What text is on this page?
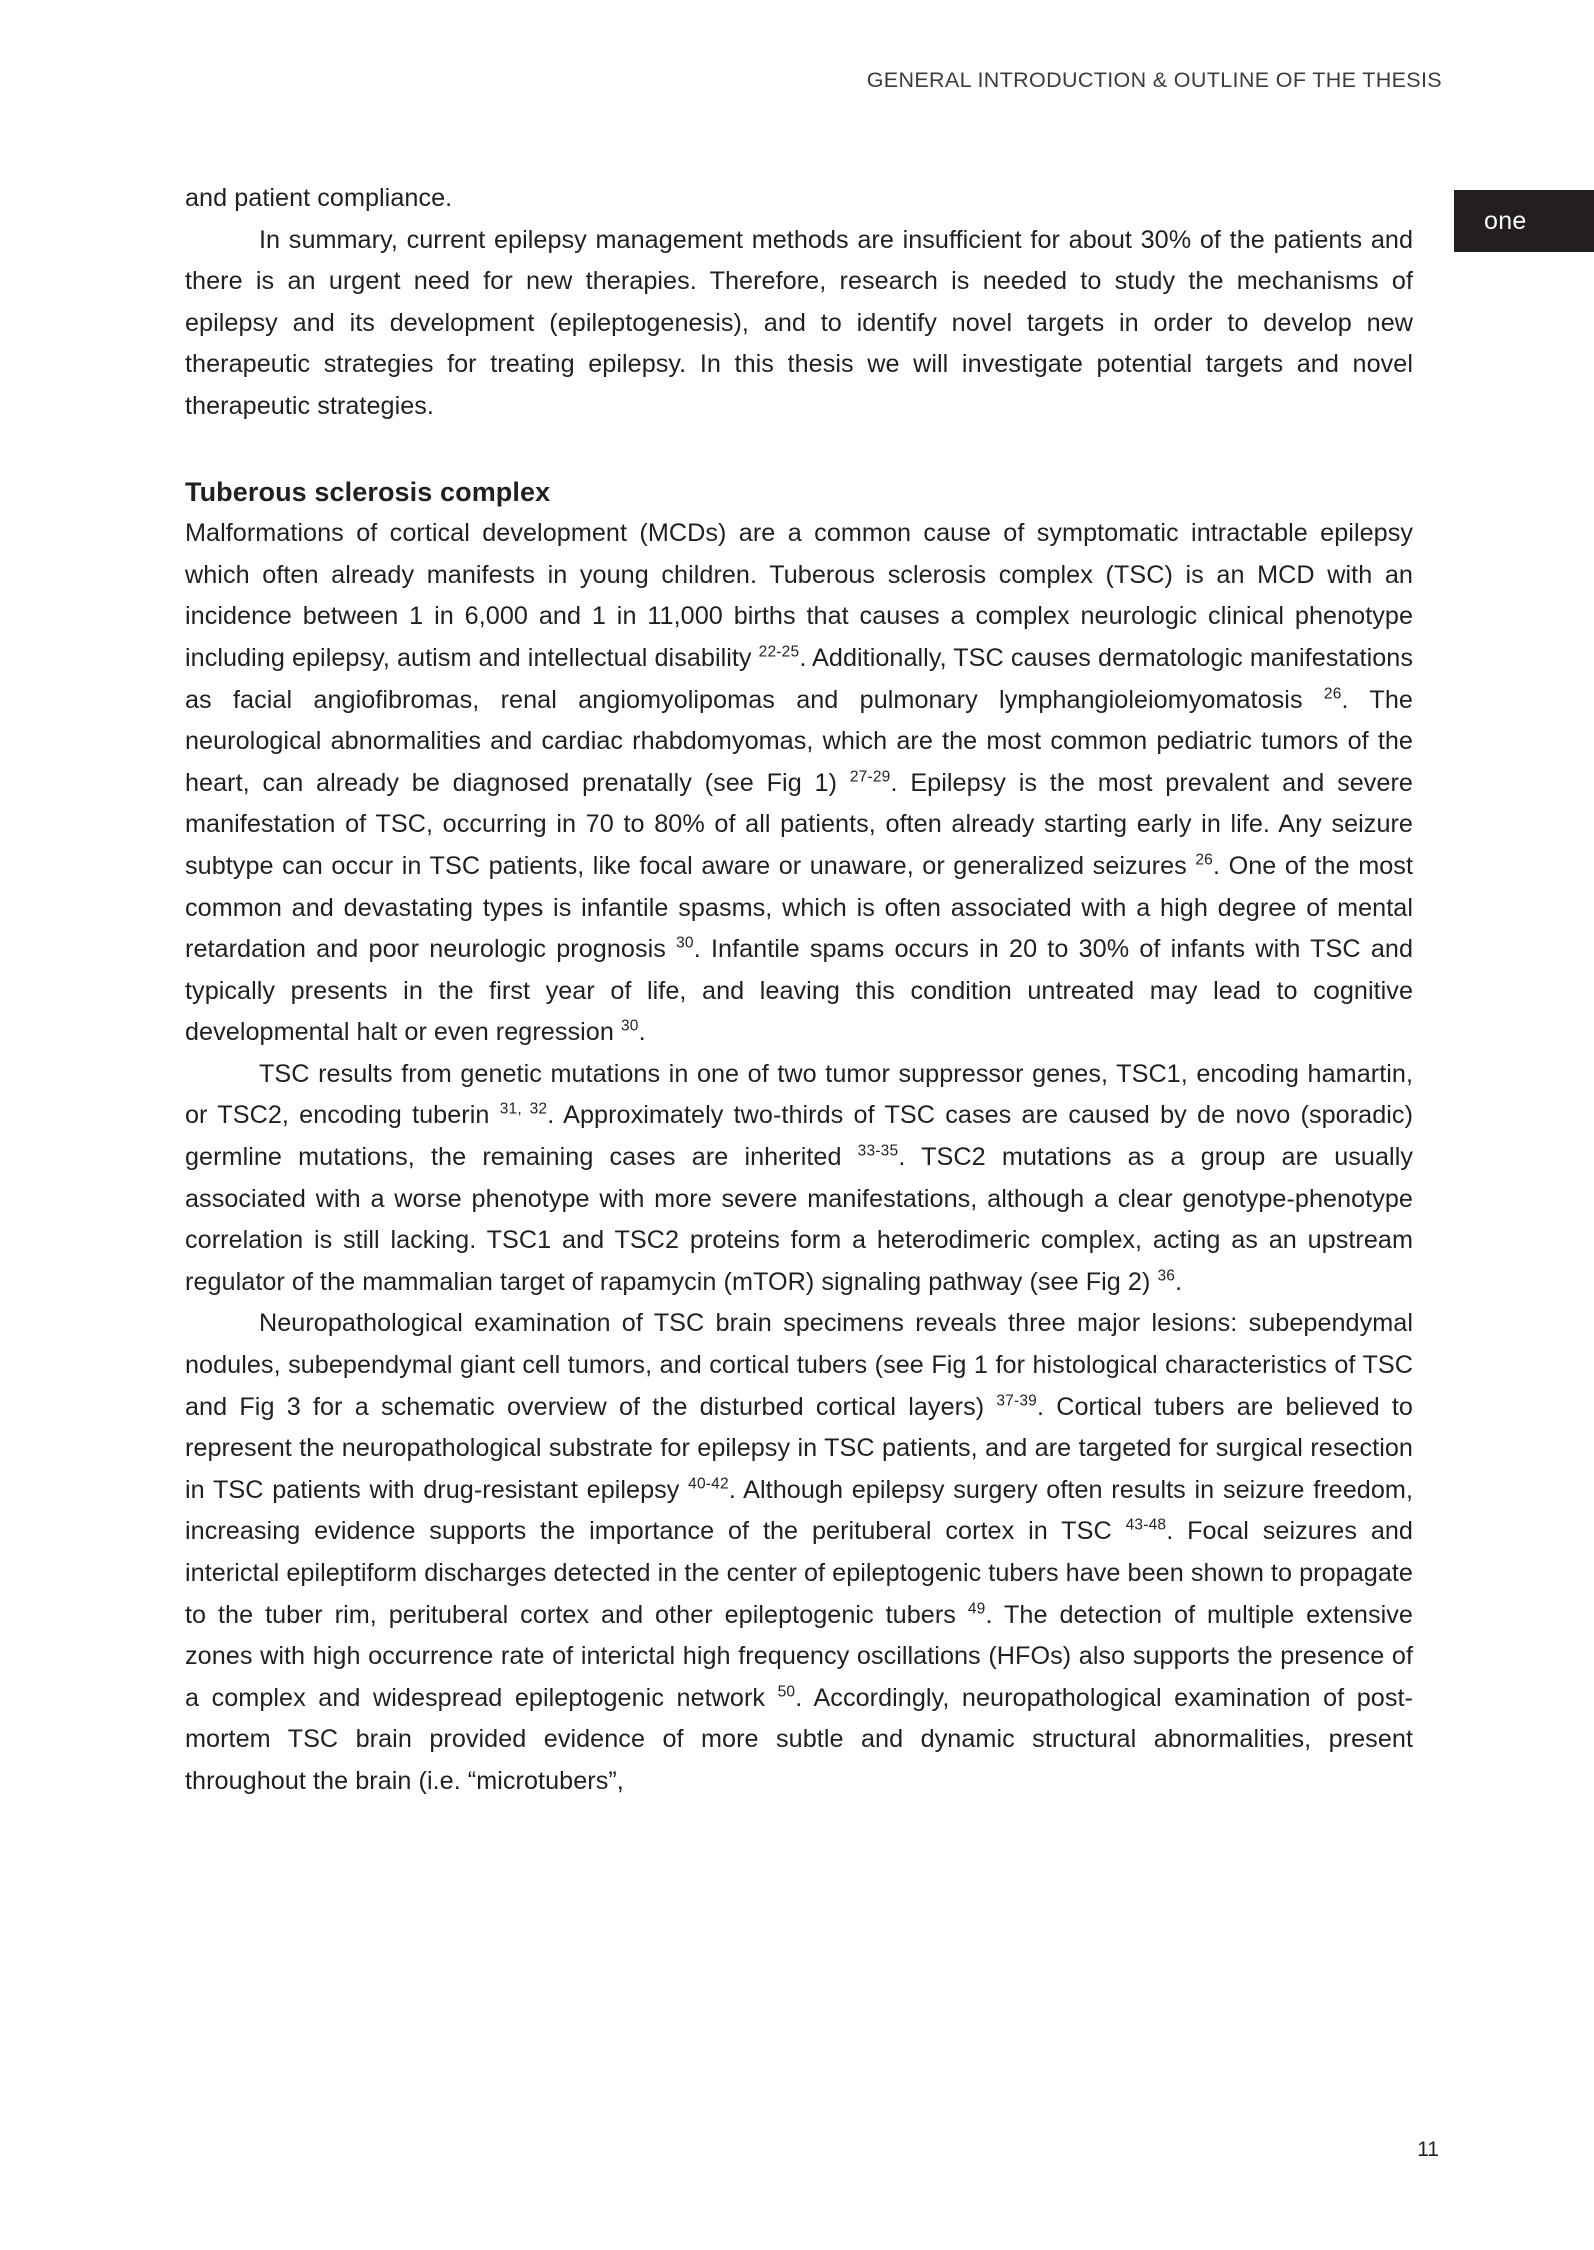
GENERAL INTRODUCTION & OUTLINE OF THE THESIS
one

and patient compliance.

In summary, current epilepsy management methods are insufficient for about 30% of the patients and there is an urgent need for new therapies. Therefore, research is needed to study the mechanisms of epilepsy and its development (epileptogenesis), and to identify novel targets in order to develop new therapeutic strategies for treating epilepsy. In this thesis we will investigate potential targets and novel therapeutic strategies.

Tuberous sclerosis complex

Malformations of cortical development (MCDs) are a common cause of symptomatic intractable epilepsy which often already manifests in young children. Tuberous sclerosis complex (TSC) is an MCD with an incidence between 1 in 6,000 and 1 in 11,000 births that causes a complex neurologic clinical phenotype including epilepsy, autism and intellectual disability $^{22-25}$. Additionally, TSC causes dermatologic manifestations as facial angiofibromas, renal angiomyolipomas and pulmonary lymphangioleiomyomatosis $^{26}$. The neurological abnormalities and cardiac rhabdomyomas, which are the most common pediatric tumors of the heart, can already be diagnosed prenatally (see Fig 1) $^{27-29}$. Epilepsy is the most prevalent and severe manifestation of TSC, occurring in 70 to 80% of all patients, often already starting early in life. Any seizure subtype can occur in TSC patients, like focal aware or unaware, or generalized seizures $^{26}$. One of the most common and devastating types is infantile spasms, which is often associated with a high degree of mental retardation and poor neurologic prognosis $^{30}$. Infantile spams occurs in 20 to 30% of infants with TSC and typically presents in the first year of life, and leaving this condition untreated may lead to cognitive developmental halt or even regression $^{30}$.

TSC results from genetic mutations in one of two tumor suppressor genes, TSC1, encoding hamartin, or TSC2, encoding tuberin $^{31, 32}$. Approximately two-thirds of TSC cases are caused by de novo (sporadic) germline mutations, the remaining cases are inherited $^{33-35}$. TSC2 mutations as a group are usually associated with a worse phenotype with more severe manifestations, although a clear genotype-phenotype correlation is still lacking. TSC1 and TSC2 proteins form a heterodimeric complex, acting as an upstream regulator of the mammalian target of rapamycin (mTOR) signaling pathway (see Fig 2) $^{36}$.

Neuropathological examination of TSC brain specimens reveals three major lesions: subependymal nodules, subependymal giant cell tumors, and cortical tubers (see Fig 1 for histological characteristics of TSC and Fig 3 for a schematic overview of the disturbed cortical layers) $^{37-39}$. Cortical tubers are believed to represent the neuropathological substrate for epilepsy in TSC patients, and are targeted for surgical resection in TSC patients with drug-resistant epilepsy $^{40-42}$. Although epilepsy surgery often results in seizure freedom, increasing evidence supports the importance of the perituberal cortex in TSC $^{43-48}$. Focal seizures and interictal epileptiform discharges detected in the center of epileptogenic tubers have been shown to propagate to the tuber rim, perituberal cortex and other epileptogenic tubers $^{49}$. The detection of multiple extensive zones with high occurrence rate of interictal high frequency oscillations (HFOs) also supports the presence of a complex and widespread epileptogenic network $^{50}$. Accordingly, neuropathological examination of post-mortem TSC brain provided evidence of more subtle and dynamic structural abnormalities, present throughout the brain (i.e. “microtubers”,

11
